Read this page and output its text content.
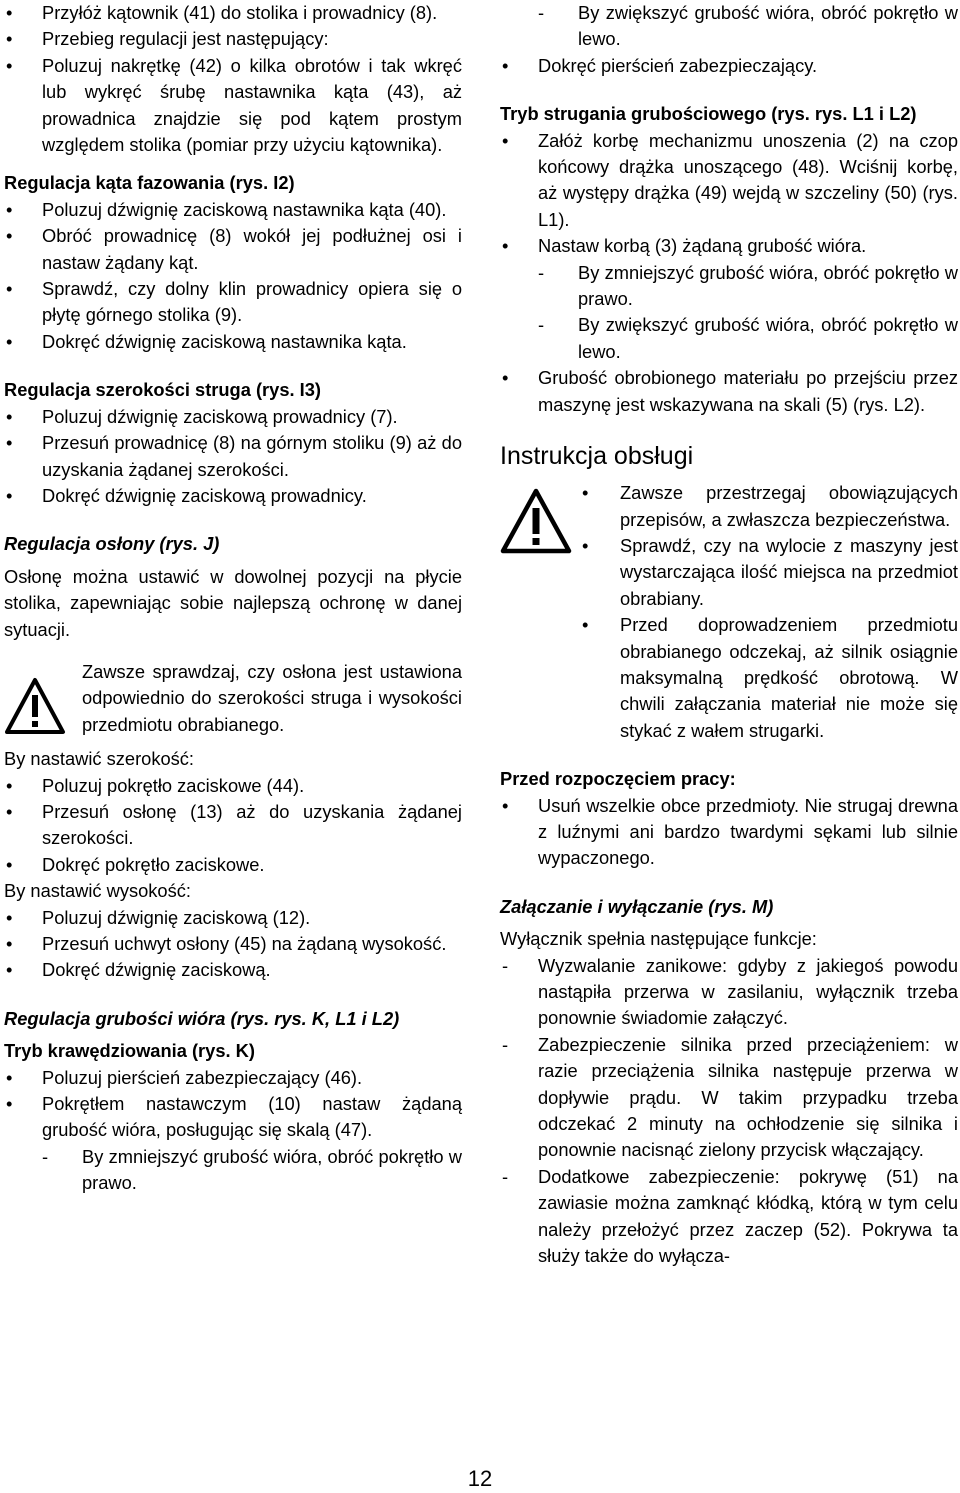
• Przyłóż kątownik (41) do stolika i prowadnicy (8).
• Przebieg regulacji jest następujący:
• Poluzuj nakrętkę (42) o kilka obrotów i tak wkręć lub wykręć śrubę nastawnika kąta (43), aż prowadnica znajdzie się pod kątem prostym względem stolika (pomiar przy użyciu kątownika).

Regulacja kąta fazowania (rys. I2)

• Poluzuj dźwignię zaciskową nastawnika kąta (40).
• Obróć prowadnicę (8) wokół jej podłużnej osi i nastaw żądany kąt.
• Sprawdź, czy dolny klin prowadnicy opiera się o płytę górnego stolika (9).
• Dokręć dźwignię zaciskową nastawnika kąta.

Regulacja szerokości struga (rys. I3)

• Poluzuj dźwignię zaciskową prowadnicy (7).
• Przesuń prowadnicę (8) na górnym stoliku (9) aż do uzyskania żądanej szerokości.
• Dokręć dźwignię zaciskową prowadnicy.

Regulacja osłony (rys. J)

Osłonę można ustawić w dowolnej pozycji na płycie stolika, zapewniając sobie najlepszą ochronę w danej sytuacji.

Zawsze sprawdzaj, czy osłona jest ustawiona odpowiednio do szerokości struga i wysokości przedmiotu obrabianego.

By nastawić szerokość:

• Poluzuj pokrętło zaciskowe (44).
• Przesuń osłonę (13) aż do uzyskania żądanej szerokości.
• Dokręć pokrętło zaciskowe.

By nastawić wysokość:

• Poluzuj dźwignię zaciskową (12).
• Przesuń uchwyt osłony (45) na żądaną wysokość.
• Dokręć dźwignię zaciskową.

Regulacja grubości wióra (rys. rys. K, L1 i L2)

Tryb krawędziowania (rys. K)

• Poluzuj pierścień zabezpieczający (46).
• Pokrętłem nastawczym (10) nastaw żądaną grubość wióra, posługując się skalą (47).
- By zmniejszyć grubość wióra, obróć pokrętło w prawo.
- By zwiększyć grubość wióra, obróć pokrętło w lewo.
• Dokręć pierścień zabezpieczający.

Tryb strugania grubościowego (rys. rys. L1 i L2)

• Załóż korbę mechanizmu unoszenia (2) na czop końcowy drążka unoszącego (48). Wciśnij korbę, aż występy drążka (49) wejdą w szczeliny (50) (rys. L1).
• Nastaw korbą (3) żądaną grubość wióra.
- By zmniejszyć grubość wióra, obróć pokrętło w prawo.
- By zwiększyć grubość wióra, obróć pokrętło w lewo.
• Grubość obrobionego materiału po przejściu przez maszynę jest wskazywana na skali (5) (rys. L2).

Instrukcja obsługi

• Zawsze przestrzegaj obowiązujących przepisów, a zwłaszcza bezpieczeństwa.
• Sprawdź, czy na wylocie z maszyny jest wystarczająca ilość miejsca na przedmiot obrabiany.
• Przed doprowadzeniem przedmiotu obrabianego odczekaj, aż silnik osiągnie maksymalną prędkość obrotową. W chwili załączania materiał nie może się stykać z wałem strugarki.

Przed rozpoczęciem pracy:

• Usuń wszelkie obce przedmioty. Nie strugaj drewna z luźnymi ani bardzo twardymi sękami lub silnie wypaczonego.

Załączanie i wyłączanie (rys. M)

Wyłącznik spełnia następujące funkcje:

- Wyzwalanie zanikowe: gdyby z jakiegoś powodu nastąpiła przerwa w zasilaniu, wyłącznik trzeba ponownie świadomie załączyć.
- Zabezpieczenie silnika przed przeciążeniem: w razie przeciążenia silnika następuje przerwa w dopływie prądu. W takim przypadku trzeba odczekać 2 minuty na ochłodzenie się silnika i ponownie nacisnąć zielony przycisk włączający.
- Dodatkowe zabezpieczenie: pokrywę (51) na zawiasie można zamknąć kłódką, którą w tym celu należy przełożyć przez zaczep (52). Pokrywa ta służy także do wyłącza-
12
